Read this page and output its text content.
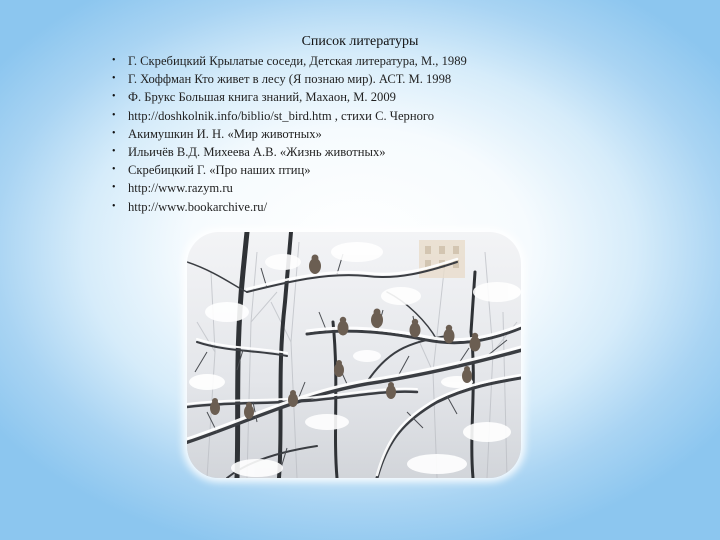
Список литературы
• Г. Скребицкий Крылатые соседи, Детская литература, М., 1989
• Г. Хоффман Кто живет в лесу (Я познаю мир). АСТ. М. 1998
• Ф. Брукс Большая книга знаний, Махаон, М. 2009
• http://doshkolnik.info/biblio/st_bird.htm , стихи С. Черного
• Акимушкин И. Н. «Мир животных»
• Ильичёв В.Д. Михеева А.В. «Жизнь животных»
• Скребицкий Г. «Про наших птиц»
• http://www.razym.ru
• http://www.bookarchive.ru/
